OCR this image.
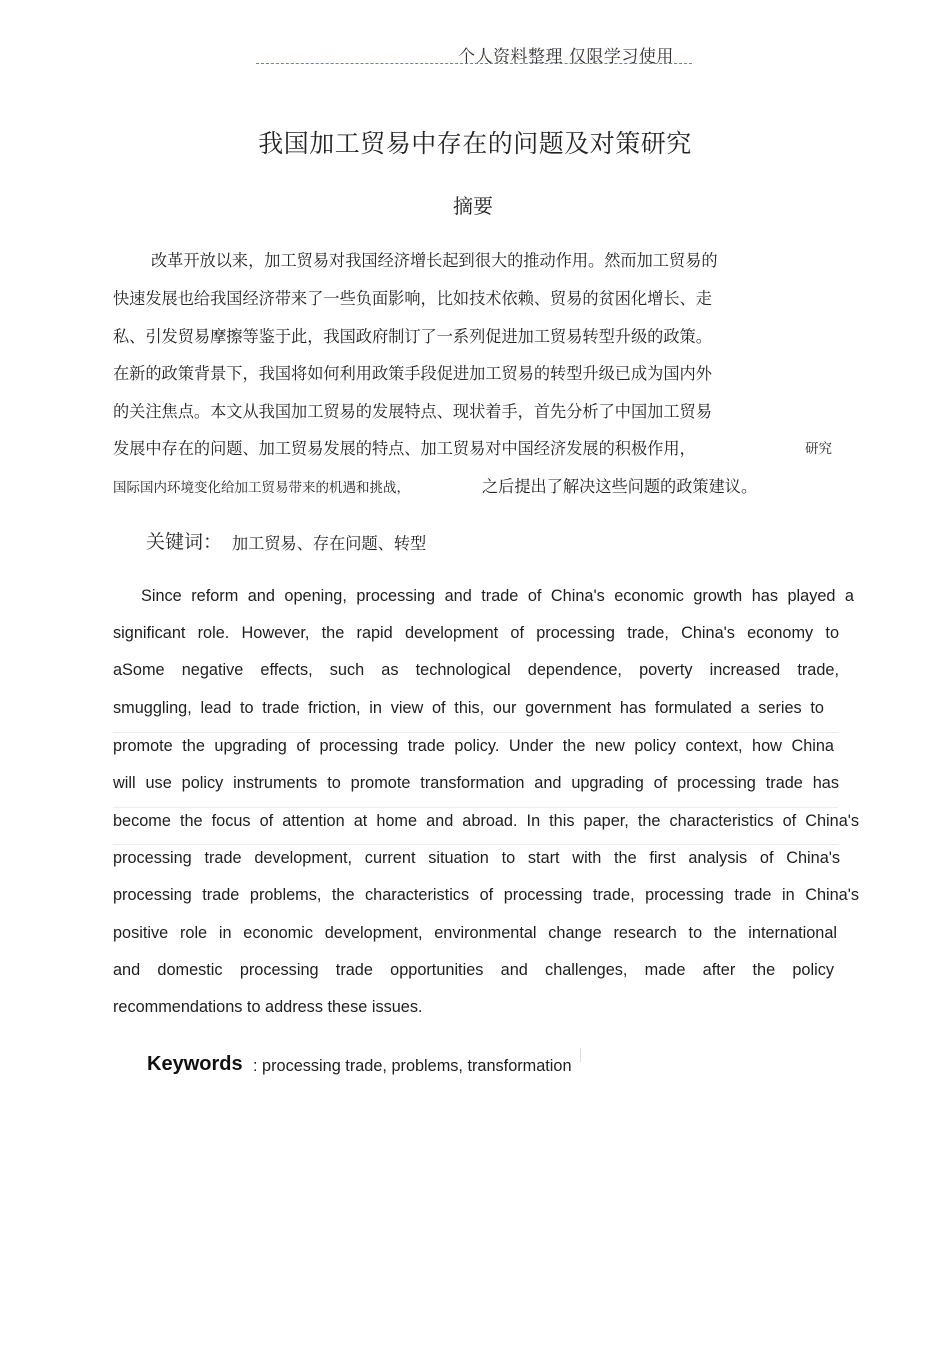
个人资料整理 仅限学习使用
我国加工贸易中存在的问题及对策研究
摘要
改革开放以来，加工贸易对我国经济增长起到很大的推动作用。然而加工贸易的
快速发展也给我国经济带来了一些负面影响，比如技术依赖、贸易的贫困化增长、走
私、引发贸易摩擦等鉴于此，我国政府制订了一系列促进加工贸易转型升级的政策。
在新的政策背景下，我国将如何利用政策手段促进加工贸易的转型升级已成为国内外
的关注焦点。本文从我国加工贸易的发展特点、现状着手，首先分析了中国加工贸易
发展中存在的问题、加工贸易发展的特点、加工贸易对中国经济发展的积极作用，	研究
国际国内环境变化给加工贸易带来的机遇和挑战，	之后提出了解决这些问题的政策建议。
关键词： 加工贸易、存在问题、转型
Since reform and opening, processing and trade of China's economic growth has played a
significant role. However, the rapid development of processing trade, China's economy to
aSome negative effects, such as technological dependence, poverty increased trade,
smuggling, lead to trade friction, in view of this, our government has formulated a series to
promote the upgrading of processing trade policy. Under the new policy context, how China
will use policy instruments to promote transformation and upgrading of processing trade has
become the focus of attention at home and abroad. In this paper, the characteristics of China's
processing trade development, current situation to start with the first analysis of China's
processing trade problems, the characteristics of processing trade, processing trade in China's
positive role in economic development, environmental change research to the international
and domestic processing trade opportunities and challenges, made after the policy
recommendations to address these issues.
Keywords : processing trade, problems, transformation
